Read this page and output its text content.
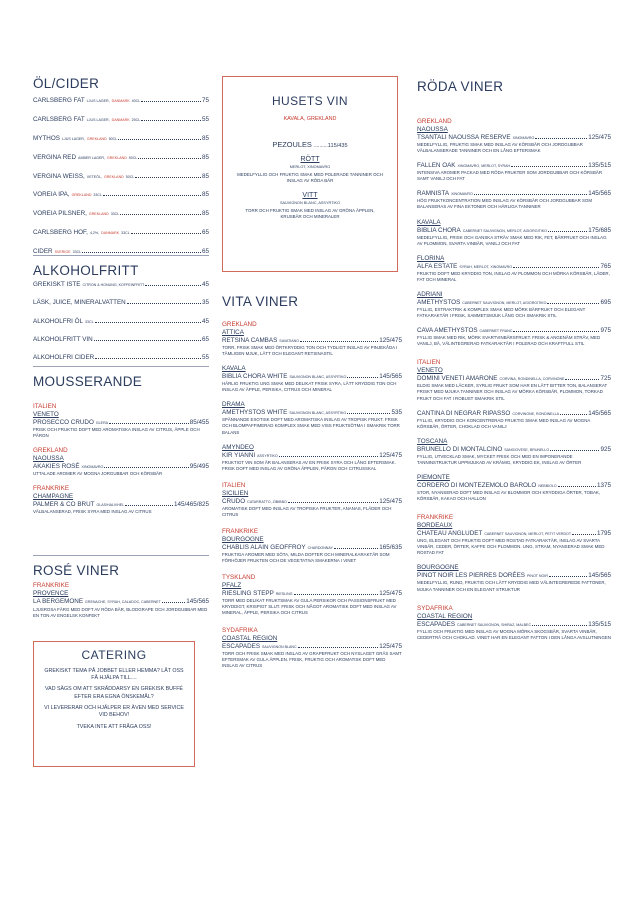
ÖL/CIDER
CARLSBERG FAT LJUS LAGER, DANMARK 40CL	75
CARLSBERG FAT LJUS LAGER, DANMARK 25CL	55
MYTHOS LJUS LAGER, GREKLAND 50CL	85
VERGINA RED AMBER LAGER, GREKLAND 50CL	85
VERGINA WEISS, VETEÖL, GREKLAND 50CL	85
VOREIA IPA, GREKLAND 33CL	85
VOREIA PILSNER, GREKLAND 33CL	85
CARLSBERG HOF, 4,2%, DANMARK 33CL	65
CIDER SVERIGE 33CL	65
ALKOHOLFRITT
GREKISKT ISTE CITRON & HONUNG, KOFFEINFRITT	45
LÄSK, JUICE, MINERALVATTEN	35
ALKOHOLFRI ÖL 33CL	45
ALKOHOLFRITT VIN	65
ALKOHOLFRI CIDER	55
MOUSSERANDE
ITALIEN
VENETO
PROSECCO CRUDO GLERA	85/455
FRISK OCH FRUKTIG DOFT MED AROMATISKA INSLAG AV CITRUS, ÄPPLE OCH PÄRON
GREKLAND
NAOUSSA
AKAKIES ROSÉ XINOMAVRO	95/495
UTTALADE AROMER AV MOGNA JORGUBBAR OCH KÖRSBÄR
FRANKRIKE
CHAMPAGNE
PALMER & CO BRUT GLAS/HALV/HEL	145/465/825
VÄLBALANSERAD, FRISK SYRA MED INSLAG AV CITRUS
ROSÉ VINER
FRANKRIKE
PROVENCE
LA BERGEMONE GRENACHE, SYRAH, CALADOC, CABERNET	145/565
LJUSROSA FÄRG MED DOFT AV RÖDA BÄR, BLODGRAPE OCH JORDGUBBAR MED EN TON AV ENGELSK KONFEKT
CATERING
GREKISKT TEMA PÅ JOBBET ELLER HEMMA? LÅT OSS FÅ HJÄLPA TILL....
VAD SÄGS OM ATT SKRÄDDARSY EN GREKISK BUFFÉ EFTER ERA EGNA ÖNSKEMÅL?
VI LEVERERAR OCH HJÄLPER ER ÄVEN MED SERVICE VID BEHOV!
TVEKA INTE ATT FRÅGA OSS!
HUSETS VIN
KAVALA, GREKLAND
PEZOULES ..........115/435
RÖTT
MERLOT, XINOMAVRO
MEDELFYLLIG OCH FRUKTIG SMAK MED POLERADE TANNINER OCH INSLAG AV RÖDA BÄR
VITT
SAUVIGNON BLANC, ASSYRTIKO
TORR OCH FRUKTIG SMAK MED INSLAG AV GRÖNA ÄPPLEN, KRUSBÄR OCH MINERALER
VITA VINER
GREKLAND
ATTICA
RETSINA CAMBAS SAVATIANO	125/475
TORR, FRISK SMAK MED ÖRTKRYDDIG TON OCH TYDLIGT INSLAG AV PINJEKÅDA I TÄMLIGEN MJUK, LÄTT OCH ELEGANT RETSINASTIL
KAVALA
BIBLIA CHORA WHITE SAUVIGNON BLANC, ASSYRTIKO	145/565
HÄRLIG FRUKTIG UNG SMAK MED DELIKAT FRISK SYRA, LÄTT KRYDDIG TON OCH INSLAG AV ÄPPLE, PERSIKA, CITRUS OCH MINERAL
DRAMA
AMETHYSTOS WHITE SAUVIGNON BLANC, ASSYRTIKO	535
SPÄNNANDE EXOTISK DOFT MED AROMATISKA INSLAG AV TROPISK FRUKT. FRISK OCH BLOMPAFFIMERAD KOMPLEX SMAK MED VISS FRUKTSÖTMA I SMAKRIK TORR BALANS
AMYNDEO
KIR YIANNI ASSYRTIKO	125/475
FRUKTIGT VIN SOM ÄR BALANSERAS AV EN FRISK SYRA OCH LÅNG EFTERSMAK. FRISK DOFT MED INSLAG AV GRÖNA ÄPPLEN, PÄRON OCH CITRUSSKAL
ITALIEN
SICILIEN
CRUDO CATARRATTO, ZIBIBBO	125/475
AROMATISK DOFT MED INSLAG AV TROPISKA FRUKTER, ANANAS, FLÄDER OCH CITRUS
FRANKRIKE
BOURGOGNE
CHABLIS ALAIN GEOFFROY CHARDONNAY	165/635
FRUKTIGA AROMER MED SÖTA, MILDA DOFTER OCH MINERALKARAKTÄR SOM FÖRHÖJER FRUKTEN OCH DE VEGETATIVA SMAKERNA I VINET
TYSKLAND
PFALZ
RIESLING STEPP RIESLING	125/475
TORR MED DELIKAT FRUKTSMAK AV GULA PERSIKOR OCH PASSIONSFRUKT MED KRYDDIGT, KRISPIGT SLUT. FRISK OCH NÅGOT AROMATISK DOFT MED INSLAG AV MINERAL, ÄPPLE, PERSIKA OCH CITRUS
SYDAFRIKA
COASTAL REGION
ESCAPADES SAUVIGNON BLANC	125/475
TORR OCH FRISK SMAK MED INSLAG AV GRAPEFRUKT OCH NYSLAGET GRÄS SAMT EFTERSMAK AV GULA ÄPPLEN. FRISK, FRUKTIG OCH AROMATISK DOFT MED INSLAG AV CITRUS
RÖDA VINER
GREKLAND
NAOUSSA
TSANTALI NAOUSSA RESERVE XINOMAVRO	125/475
MEDELFYLLIG, FRUKTIG SMAK MED INSLAG AV KÖRSBÄR OCH JORDGUBBAR VÄLBALANSERADE TANNINER OCH EN LÅNG EFTERSMAK
FALLEN OAK XINOMAVRO, MERLOT, SYRAH	135/515
INTENSIVA AROMER PACKAD MED RÖDA FRUKTER SOM JORDGUBBAR OCH KÖRSBÄR SAMT VANILJ OCH FAT
RAMNISTA XINOMAVRO	145/565
HÖG FRUKTKONCENTRATION MED INSLAG AV KÖRSBÄR OCH JORDGUBBAR SOM BALANSERAS AV FINA EKTONER OCH HÄRLIGA TANNINER
KAVALA
BIBLIA CHORA CABERNET SAUVIGNON, MERLOT, AGIORGITIKO	175/685
MEDELFYLLIG, FRISK OCH GANSKA STRÄV SMAK MED RIK, FET, BÄRFRUKT OCH INSLAG AV PLOMMON, SVARTA VINBÄR, VANILJ OCH FAT
FLORINA
ALFA ESTATE SYRAH, MERLOT, XINOMAVRO	765
FRUKTIG DOFT MED KRYDDIG TON, INSLAG AV PLOMMON OCH MÖRKA KÖRSBÄR, LÄDER, FAT OCH MINERAL
ADRIANI
AMETHYSTOS CABERNET SAUVIGNON, MERLOT, AGIORGITIKO	695
FYLLIG, EXTRAKTRIK & KOMPLEX SMAK MED MÖRK BÄRFRUKT OCH ELEGANT FATKARAKTÄR I FRISK, SAMMETSMJUK LÅNG OCH SMAKRIK STIL
CAVA AMETHYSTOS CABERNET FRANC	975
FYLLIG SMAK MED RIK, MÖRK SVARTVINBÄRSFRUKT. FRISK & ANGENÄM STRÄV, MED VANILJ, BÄ, VÄLINTEGRERAD FATKARAKTÄR I POLERAD OCH KRAFTFULL STIL
ITALIEN
VENETO
DOMINI VENETI AMARONE CORVINA, RONDINELLA, CORVINONE	725
ELDIG SMAK MED LÄCKER, SYRLIG FRUKT SOM HAR EN LÄTT BITTER TON, BALANSERAT FRISKT MED MJUKA TANNINER OCH INSLAG AV MÖRKA KÖRSBÄR, PLOMMON, TORKAD FRUKT OCH FAT I ROBUST SMAKRIK STIL
CANTINA DI NEGRAR RIPASSO CORVINONE, RONDINELLA	145/565
FYLLIG, KRYDDIG OCH KONCENTRERAD FRUKTIG SMAK MED INSLAG AV MOGNA KÖRSBÄR, ÖRTER, CHOKLAD OCH VANILJ
TOSCANA
BRUNELLO DI MONTALCINO SANGIOVESE, BRUNELLO	925
FYLLIG, UTVECKLAD SMAK, MYCKET FRISK OCH MED EN IMPONERANDE TANNINSTRUKTUR UPPMJUKAD AV KRÄMIG, KRYDDIG EK, INSLAG AV ÖRTER
PIEMONTE
CORDERO DI MONTEZEMOLO BAROLO NEBBIOLO	1375
STOR, NYANSERAD DOFT MED INSLAG AV BLOMMOR OCH KRYDDIGA ÖRTER, TOBAK, KÖRSBÄR, KAKAO OCH HALLON
FRANKRIKE
BORDEAUX
CHATEAU ANGLUDET CABERNET SAUVIGNON, MERLOT, PETIT VERDOT	1795
UNG, ELEGANT OCH FRUKTIG DOFT MED ROSTAD FATKARAKTÄR, INSLAG AV SVARTA VINBÄR, CEDER, ÖRTER, KAFFE OCH PLOMMON. UNG, STRAM, NYANSERAD SMAK MED ROSTAD FAT
BOURGOGNE
PINOT NOIR LES PIERRES DORÉES PINOT NOIR	145/565
MEDELFYLLIG, RUND, FRUKTIG OCH LÄTT KRYDDIG MED VÄLINTEGREREDE FATTONER, MJUKA TANNINER OCH EN ELEGANT STRUKTUR
SYDAFRIKA
COASTAL REGION
ESCAPADES CABERNET SAUVIGNON, SHIRAZ, MALBEC	135/515
FYLLIG OCH FRUKTIG MED INSLAG AV MOGNA MÖRKA SKOGSBÄR, SVARTA VINBÄR, CEDERTRÄ OCH CHOKLAD. VINET HAR EN ELEGANT FATTON I DEN LÅNGA AVSLUTNINGEN
